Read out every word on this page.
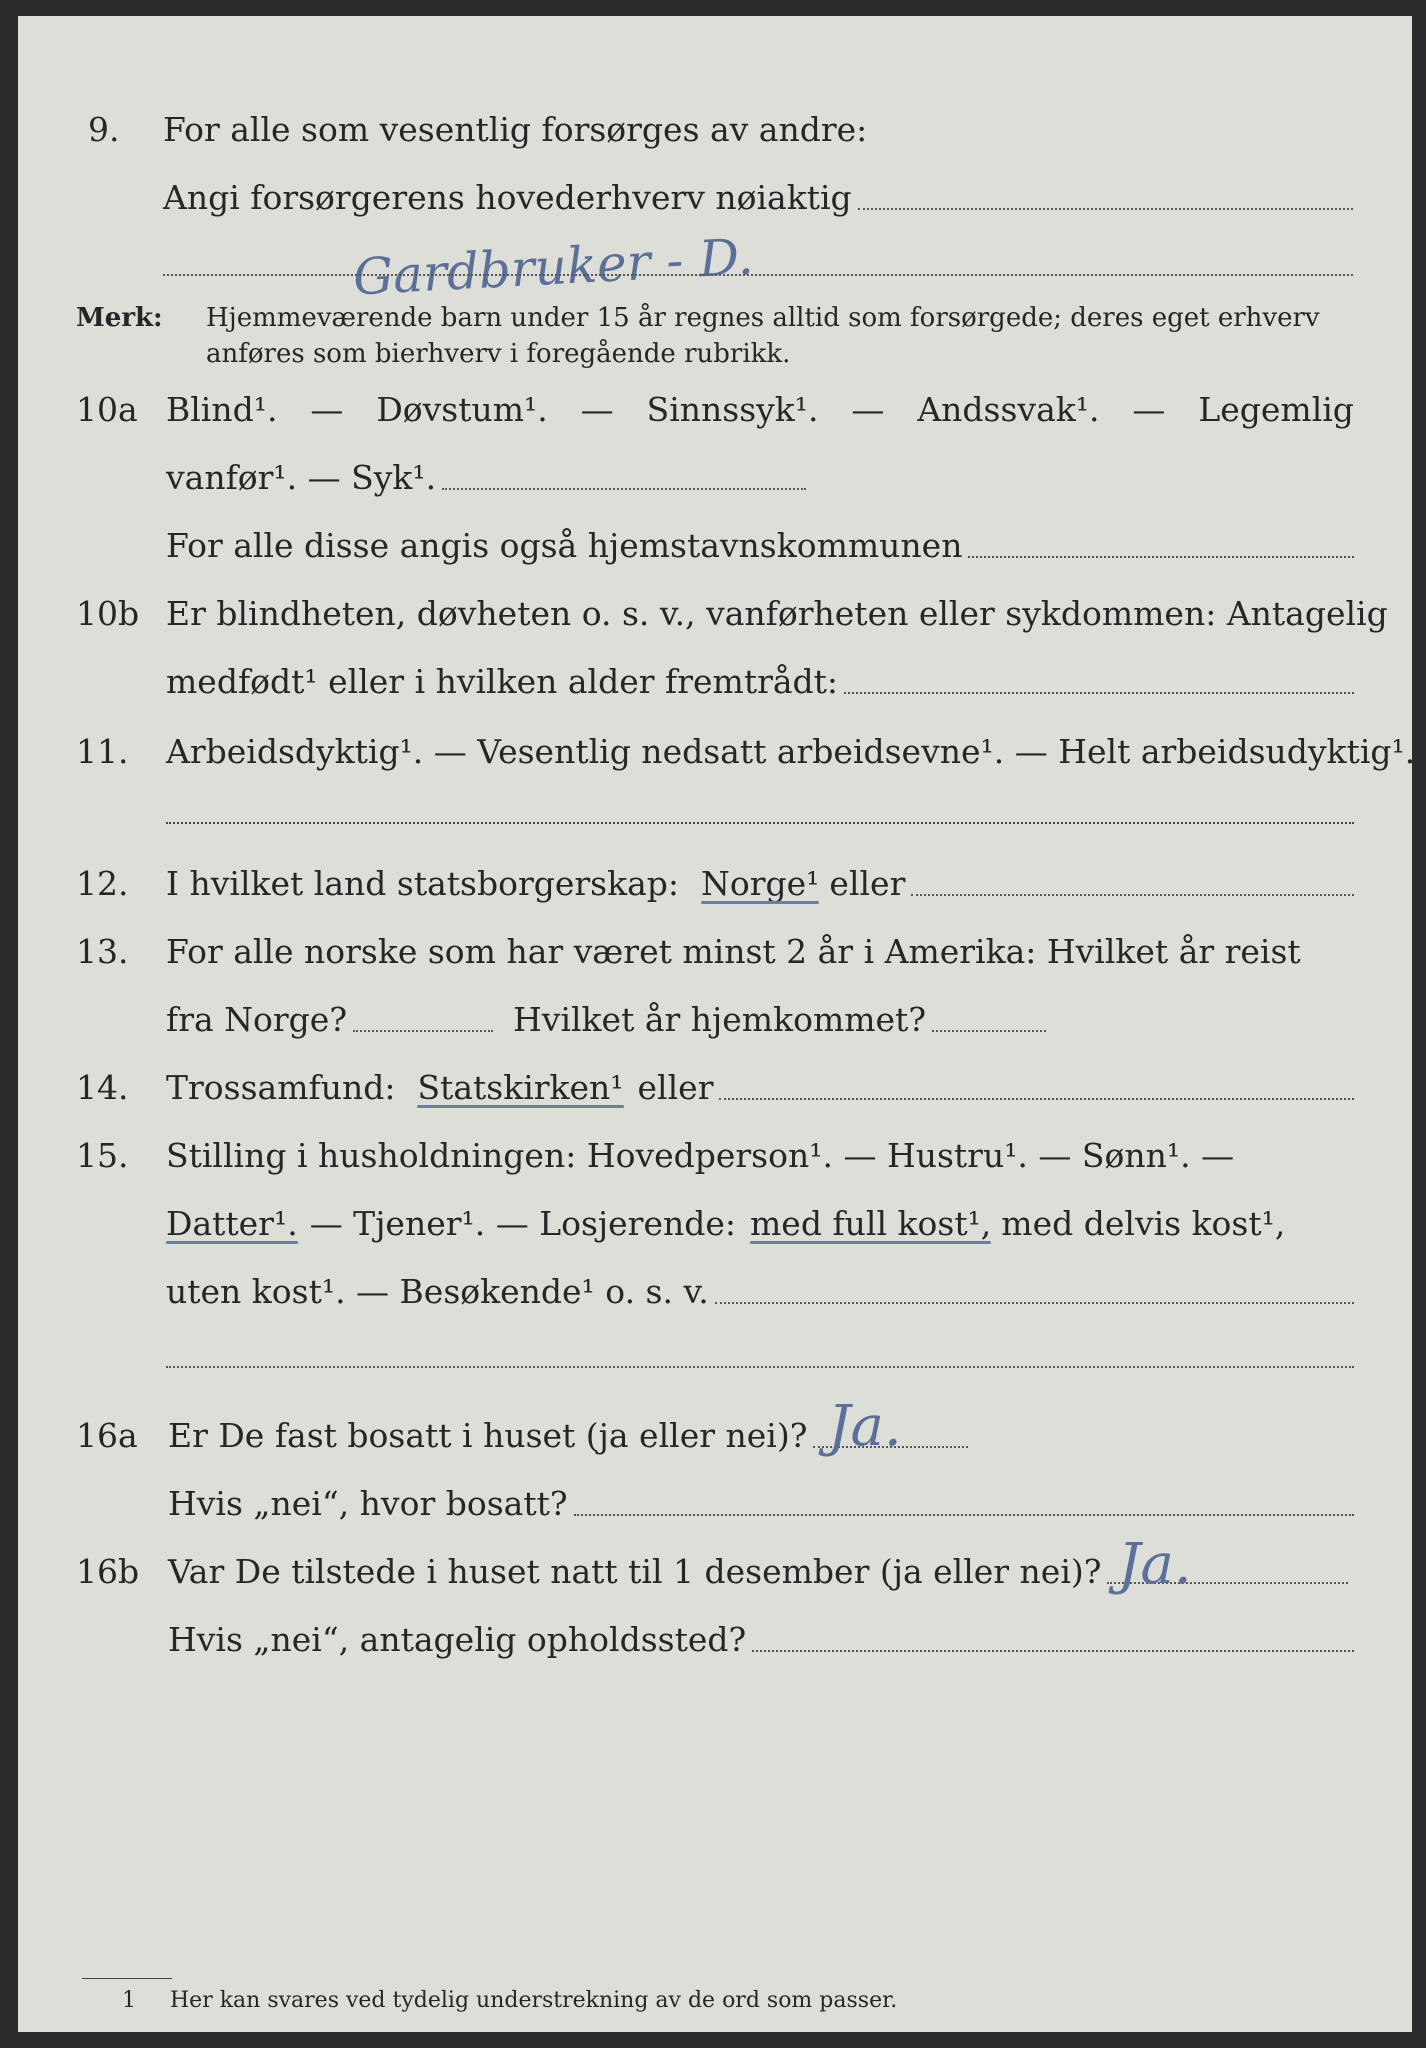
9. For alle som vesentlig forsørges av andre:
Angi forsørgerens hovederhverv nøiaktig
Gardbruker - D.
Merk: Hjemmeværende barn under 15 år regnes alltid som forsørgede; deres eget erhverv
anføres som bierhverv i foregående rubrikk.
10a Blind¹. — Døvstum¹. — Sinnssyk¹. — Andssvak¹. — Legemlig
vanfør¹. — Syk¹.
For alle disse angis også hjemstavnskommunen
10b Er blindheten, døvheten o. s. v., vanførheten eller sykdommen: Antagelig
medfødt¹ eller i hvilken alder fremtrådt:
11. Arbeidsdyktig¹. — Vesentlig nedsatt arbeidsevne¹. — Helt arbeidsudyktig¹.
12. I hvilket land statsborgerskap: Norge¹ eller
13. For alle norske som har været minst 2 år i Amerika: Hvilket år reist
fra Norge?	Hvilket år hjemkommet?
14. Trossamfund: Statskirken¹ eller
15. Stilling i husholdningen: Hovedperson¹. — Hustru¹. — Sønn¹. —
Datter¹. — Tjener¹. — Losjerende: med full kost¹, med delvis kost¹,
uten kost¹. — Besøkende¹ o. s. v.
16a Er De fast bosatt i huset (ja eller nei)? Ja.
Hvis „nei“, hvor bosatt?
16b Var De tilstede i huset natt til 1 desember (ja eller nei)? Ja.
Hvis „nei“, antagelig opholdssted?
1 Her kan svares ved tydelig understrekning av de ord som passer.
